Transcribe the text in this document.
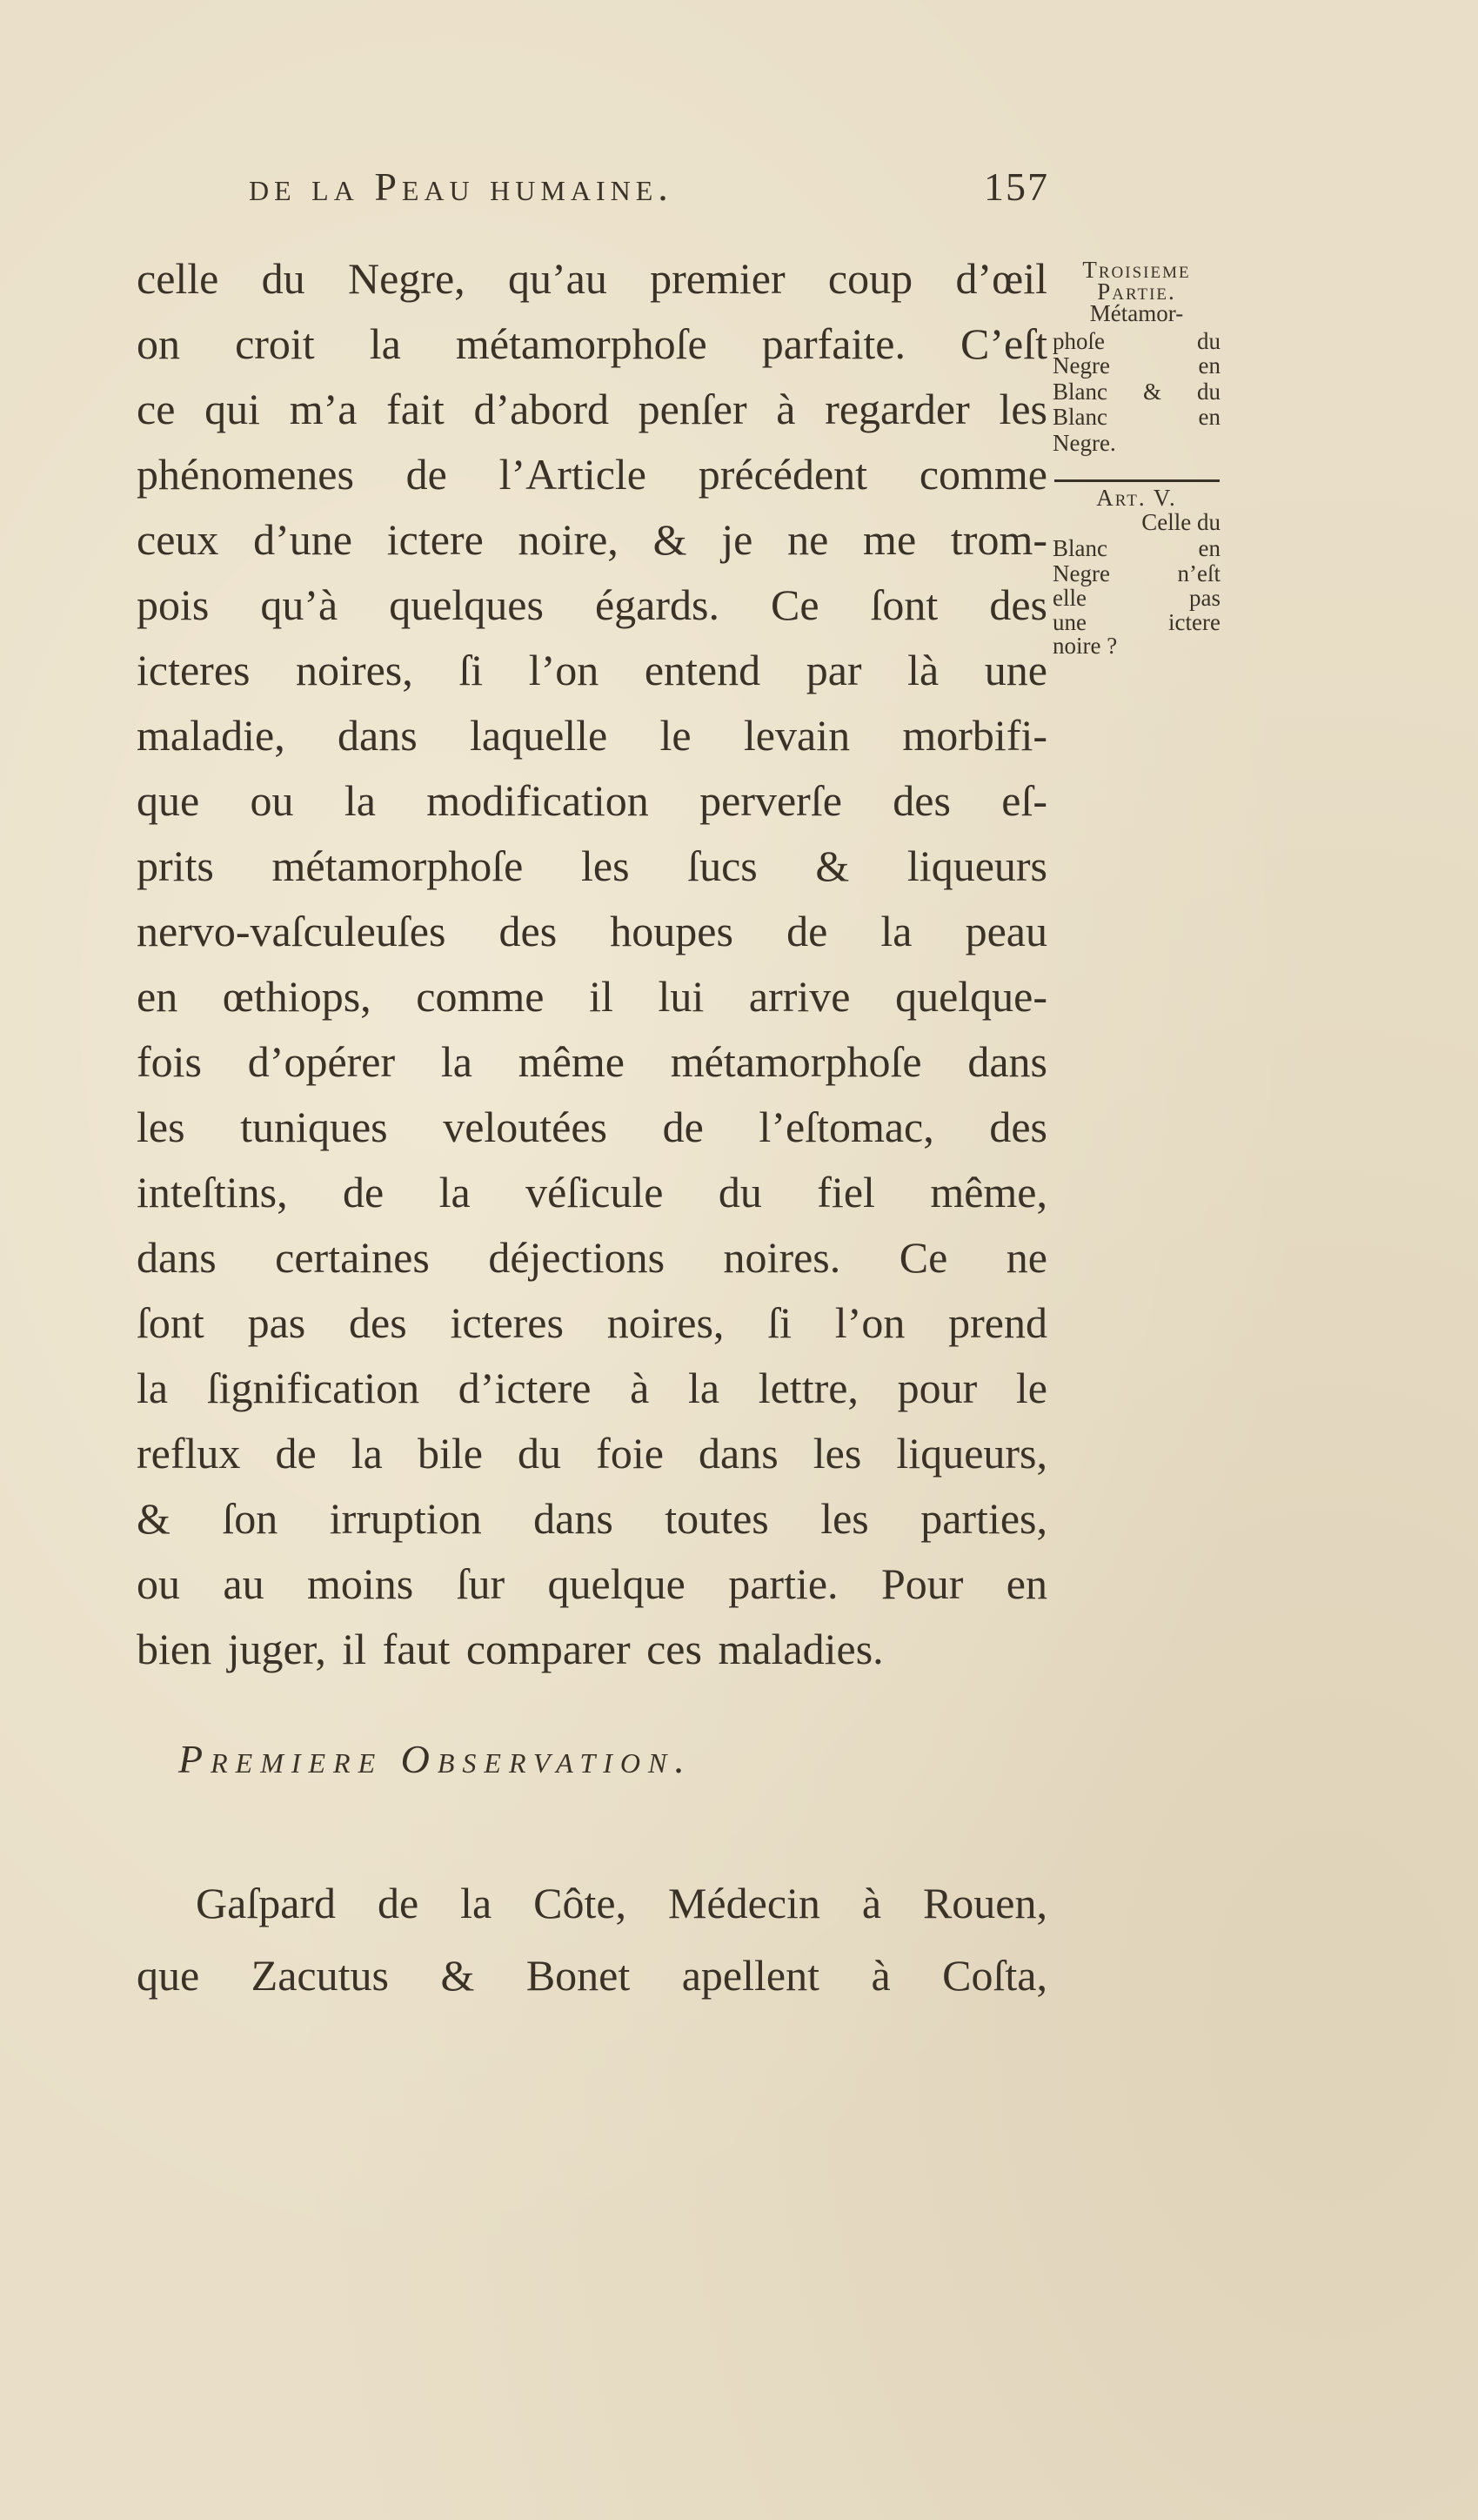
de la Peau humaine.	157
celle du Negre, qu’au premier coup d’œil
on croit la métamorphoſe parfaite. C’eſt
ce qui m’a fait d’abord penſer à regarder les
phénomenes de l’Article précédent comme
ceux d’une ictere noire, & je ne me trom-
pois qu’à quelques égards. Ce ſont des
icteres noires, ſi l’on entend par là une
maladie, dans laquelle le levain morbifi-
que ou la modification perverſe des eſ-
prits métamorphoſe les ſucs & liqueurs
nervo-vaſculeuſes des houpes de la peau
en œthiops, comme il lui arrive quelque-
fois d’opérer la même métamorphoſe dans
les tuniques veloutées de l’eſtomac, des
inteſtins, de la véſicule du fiel même,
dans certaines déjections noires. Ce ne
ſont pas des icteres noires, ſi l’on prend
la ſignification d’ictere à la lettre, pour le
reflux de la bile du foie dans les liqueurs,
& ſon irruption dans toutes les parties,
ou au moins ſur quelque partie. Pour en
bien juger, il faut comparer ces maladies.
Premiere Observation.
Gaſpard de la Côte, Médecin à Rouen,
que Zacutus & Bonet apellent à Coſta,
Troisieme
Partie.
Métamor-
phoſe du
Negre en
Blanc & du
Blanc en
Negre.
Art. V.
Celle du
Blanc en
Negre n’eſt
elle pas
une ictere
noire ?
